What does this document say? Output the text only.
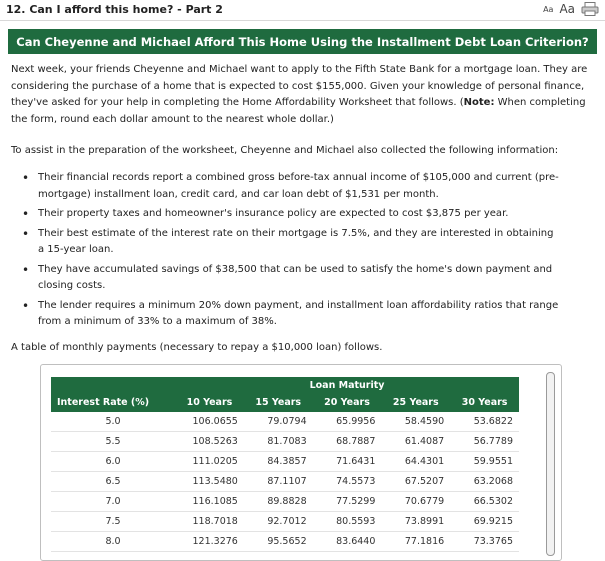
12. Can I afford this home? - Part 2	Aa Aa
Can Cheyenne and Michael Afford This Home Using the Installment Debt Loan Criterion?

Next week, your friends Cheyenne and Michael want to apply to the Fifth State Bank for a mortgage loan. They are considering the purchase of a home that is expected to cost $155,000. Given your knowledge of personal finance, they've asked for your help in completing the Home Affordability Worksheet that follows. (Note: When completing the form, round each dollar amount to the nearest whole dollar.)

To assist in the preparation of the worksheet, Cheyenne and Michael also collected the following information:

• Their financial records report a combined gross before-tax annual income of $105,000 and current (pre-mortgage) installment loan, credit card, and car loan debt of $1,531 per month.
• Their property taxes and homeowner's insurance policy are expected to cost $3,875 per year.
• Their best estimate of the interest rate on their mortgage is 7.5%, and they are interested in obtaining a 15-year loan.
• They have accumulated savings of $38,500 that can be used to satisfy the home's down payment and closing costs.
• The lender requires a minimum 20% down payment, and installment loan affordability ratios that range from a minimum of 33% to a maximum of 38%.

A table of monthly payments (necessary to repay a $10,000 loan) follows.

	Loan Maturity				
Interest Rate (%)	10 Years	15 Years	20 Years	25 Years	30 Years
5.0	106.0655	79.0794	65.9956	58.4590	53.6822
5.5	108.5263	81.7083	68.7887	61.4087	56.7789
6.0	111.0205	84.3857	71.6431	64.4301	59.9551
6.5	113.5480	87.1107	74.5573	67.5207	63.2068
7.0	116.1085	89.8828	77.5299	70.6779	66.5302
7.5	118.7018	92.7012	80.5593	73.8991	69.9215
8.0	121.3276	95.5652	83.6440	77.1816	73.3765
